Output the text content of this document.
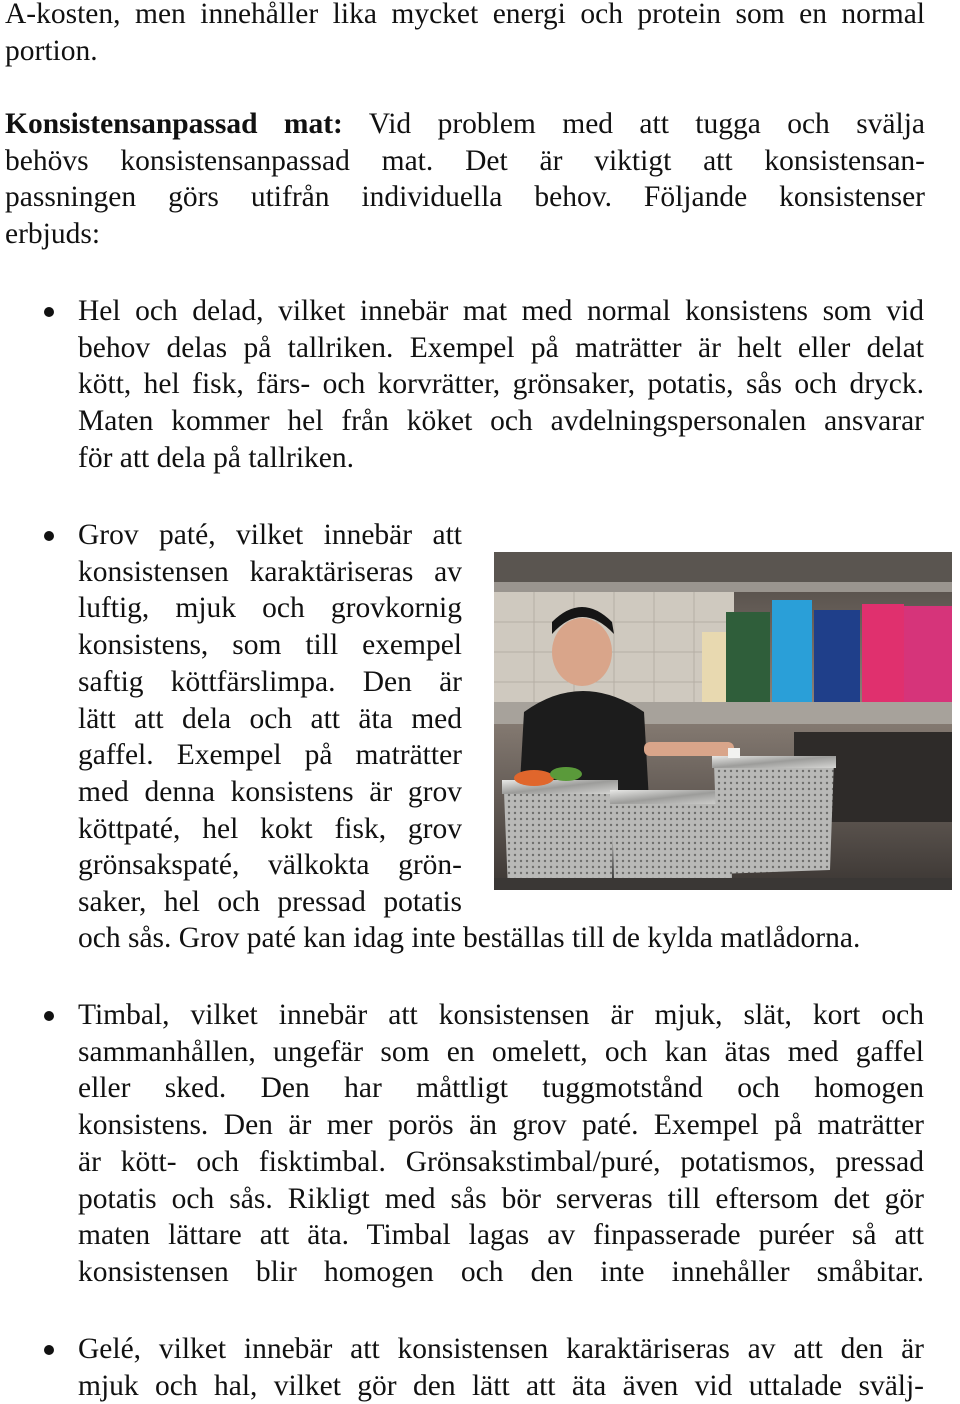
A-kosten, men innehåller lika mycket energi och protein som en normal
portion.
Konsistensanpassad mat: Vid problem med att tugga och svälja
behövs konsistensanpassad mat. Det är viktigt att konsistensan-
passningen görs utifrån individuella behov. Följande konsistenser
erbjuds:
Hel och delad, vilket innebär mat med normal konsistens som vid
behov delas på tallriken. Exempel på maträtter är helt eller delat
kött, hel fisk, färs- och korvrätter, grönsaker, potatis, sås och dryck.
Maten kommer hel från köket och avdelningspersonalen ansvarar
för att dela på tallriken.
Grov paté, vilket innebär att
konsistensen karaktäriseras av
luftig, mjuk och grovkornig
konsistens, som till exempel
saftig köttfärslimpa. Den är
lätt att dela och att äta med
gaffel. Exempel på maträtter
med denna konsistens är grov
köttpaté, hel kokt fisk, grov
grönsakspaté, välkokta grön-
saker, hel och pressad potatis
och sås. Grov paté kan idag inte beställas till de kylda matlådorna.
Timbal, vilket innebär att konsistensen är mjuk, slät, kort och
sammanhållen, ungefär som en omelett, och kan ätas med gaffel
eller sked. Den har måttligt tuggmotstånd och homogen
konsistens. Den är mer porös än grov paté. Exempel på maträtter
är kött- och fisktimbal. Grönsakstimbal/puré, potatismos, pressad
potatis och sås. Rikligt med sås bör serveras till eftersom det gör
maten lättare att äta. Timbal lagas av finpasserade puréer så att
konsistensen blir homogen och den inte innehåller småbitar.
Gelé, vilket innebär att konsistensen karaktäriseras av att den är
mjuk och hal, vilket gör den lätt att äta även vid uttalade svälj-
